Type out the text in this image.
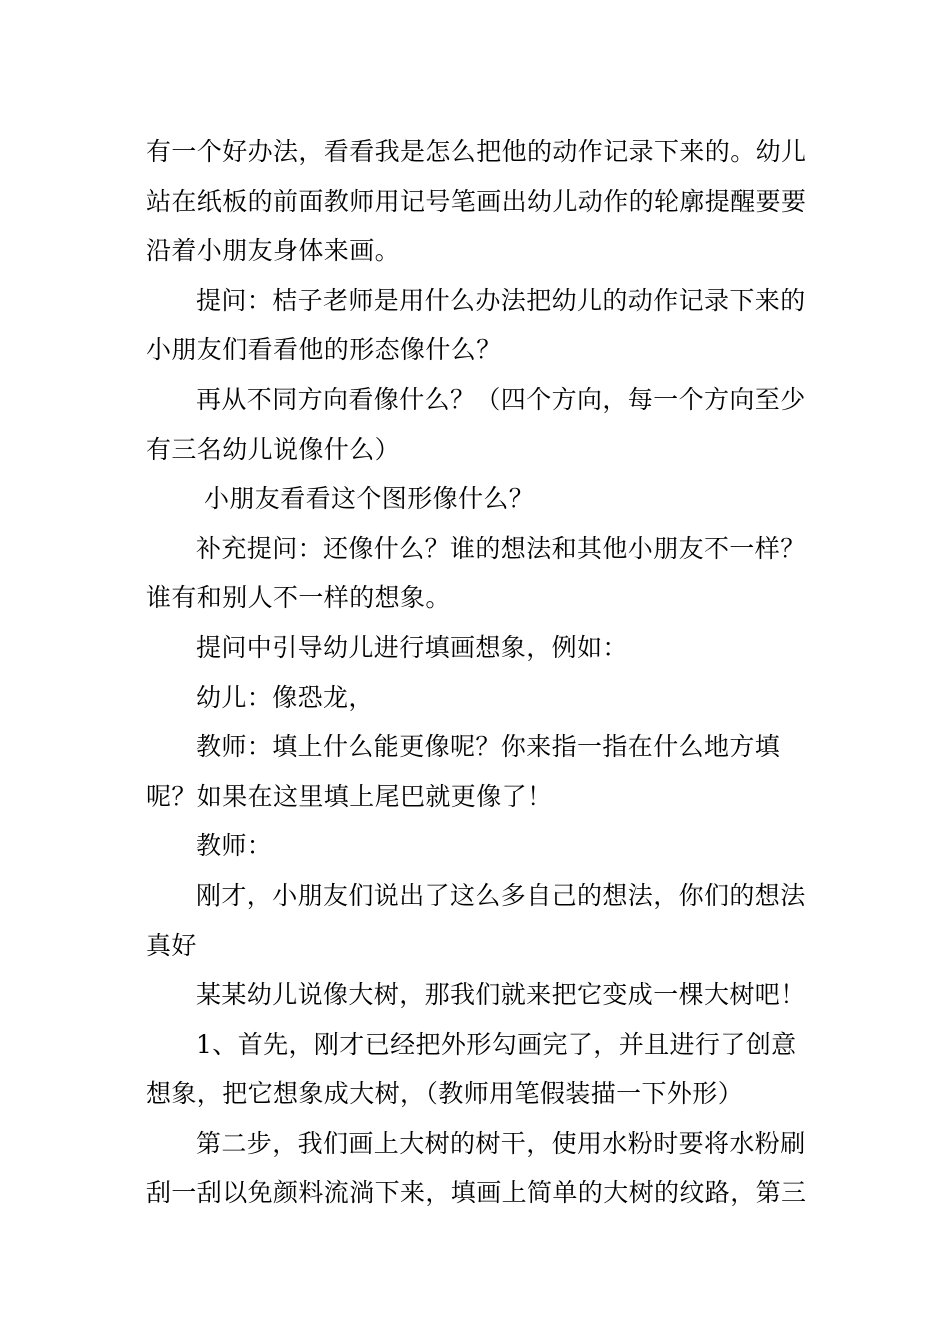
有一个好办法，看看我是怎么把他的动作记录下来的。幼儿站在纸板的前面教师用记号笔画出幼儿动作的轮廓提醒要要沿着小朋友身体来画。

提问：桔子老师是用什么办法把幼儿的动作记录下来的小朋友们看看他的形态像什么？

再从不同方向看像什么？（四个方向，每一个方向至少有三名幼儿说像什么）

小朋友看看这个图形像什么？

补充提问：还像什么？谁的想法和其他小朋友不一样？谁有和别人不一样的想象。

提问中引导幼儿进行填画想象，例如：

幼儿：像恐龙，

教师：填上什么能更像呢？你来指一指在什么地方填呢？如果在这里填上尾巴就更像了！

教师：

刚才，小朋友们说出了这么多自己的想法，你们的想法真好

某某幼儿说像大树，那我们就来把它变成一棵大树吧！

1、首先，刚才已经把外形勾画完了，并且进行了创意想象，把它想象成大树，（教师用笔假装描一下外形）

第二步，我们画上大树的树干，使用水粉时要将水粉刷刮一刮以免颜料流淌下来，填画上简单的大树的纹路，第三
